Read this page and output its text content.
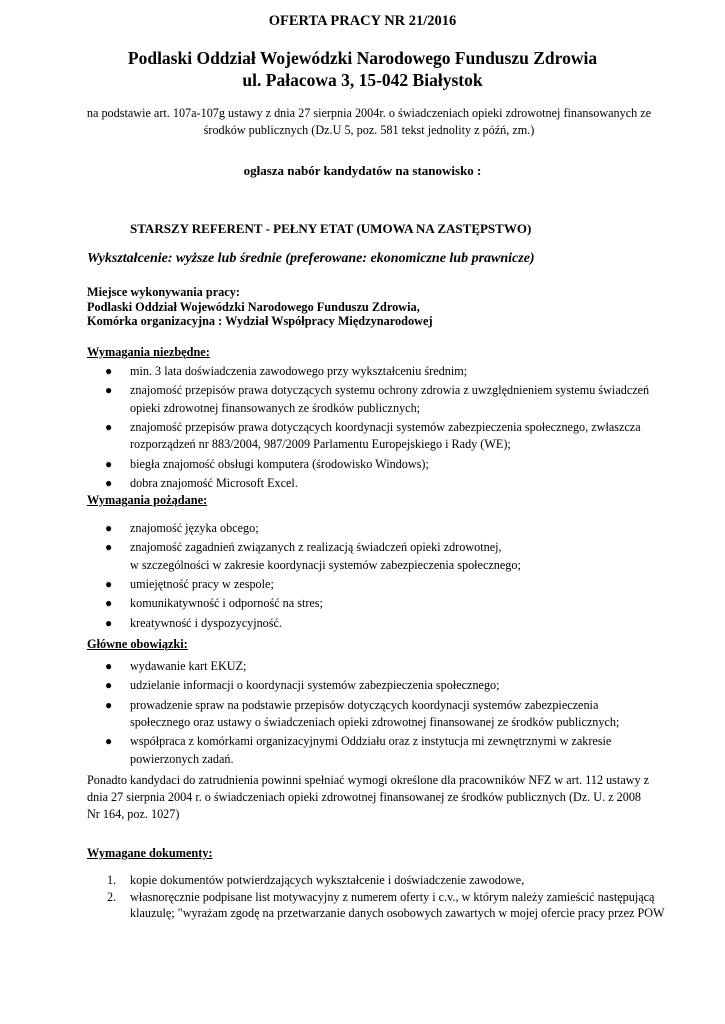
OFERTA PRACY NR 21/2016
Podlaski Oddział Wojewódzki Narodowego Funduszu Zdrowia
ul. Pałacowa 3, 15-042 Białystok
na podstawie art. 107a-107g ustawy z dnia 27 sierpnia 2004r. o świadczeniach opieki zdrowotnej finansowanych ze środków publicznych (Dz.U 5, poz. 581 tekst jednolity z późń, zm.)
ogłasza nabór kandydatów na stanowisko :
STARSZY REFERENT - PEŁNY ETAT (UMOWA NA ZASTĘPSTWO)
Wykształcenie: wyższe lub średnie (preferowane: ekonomiczne lub prawnicze)
Miejsce wykonywania pracy:
Podlaski Oddział Wojewódzki Narodowego Funduszu Zdrowia,
Komórka organizacyjna : Wydział Współpracy Międzynarodowej
Wymagania niezbędne:
● min. 3 lata doświadczenia zawodowego przy wykształceniu średnim;
● znajomość przepisów prawa dotyczących systemu ochrony zdrowia z uwzględnieniem systemu świadczeń
opieki zdrowotnej finansowanych ze środków publicznych;
● znajomość przepisów prawa dotyczących koordynacji systemów zabezpieczenia społecznego, zwłaszcza
rozporządzeń nr 883/2004, 987/2009 Parlamentu Europejskiego i Rady (WE);
● biegła znajomość obsługi komputera (środowisko Windows);
● dobra znajomość Microsoft Excel.
Wymagania pożądane:
● znajomość języka obcego;
● znajomość zagadnień związanych z realizacją świadczeń opieki zdrowotnej,
w szczególności w zakresie koordynacji systemów zabezpieczenia społecznego;
● umiejętność pracy w zespole;
● komunikatywność i odporność na stres;
● kreatywność i dyspozycyjność.
Główne obowiązki:
● wydawanie kart EKUZ;
● udzielanie informacji o koordynacji systemów zabezpieczenia społecznego;
● prowadzenie spraw na podstawie przepisów dotyczących koordynacji systemów zabezpieczenia
społecznego oraz ustawy o świadczeniach opieki zdrowotnej finansowanej ze środków publicznych;
● współpraca z komórkami organizacyjnymi Oddziału oraz z instytucja mi zewnętrznymi w zakresie
powierzonych zadań.
Ponadto kandydaci do zatrudnienia powinni spełniać wymogi określone dla pracowników NFZ w art. 112 ustawy z
dnia 27 sierpnia 2004 r. o świadczeniach opieki zdrowotnej finansowanej ze środków publicznych (Dz. U. z 2008
Nr 164, poz. 1027)
Wymagane dokumenty:
1. kopie dokumentów potwierdzających wykształcenie i doświadczenie zawodowe,
2. własnoręcznie podpisane list motywacyjny z numerem oferty i c.v., w którym należy zamieścić następującą
klauzulę; "wyrażam zgodę na przetwarzanie danych osobowych zawartych w mojej ofercie pracy przez POW
